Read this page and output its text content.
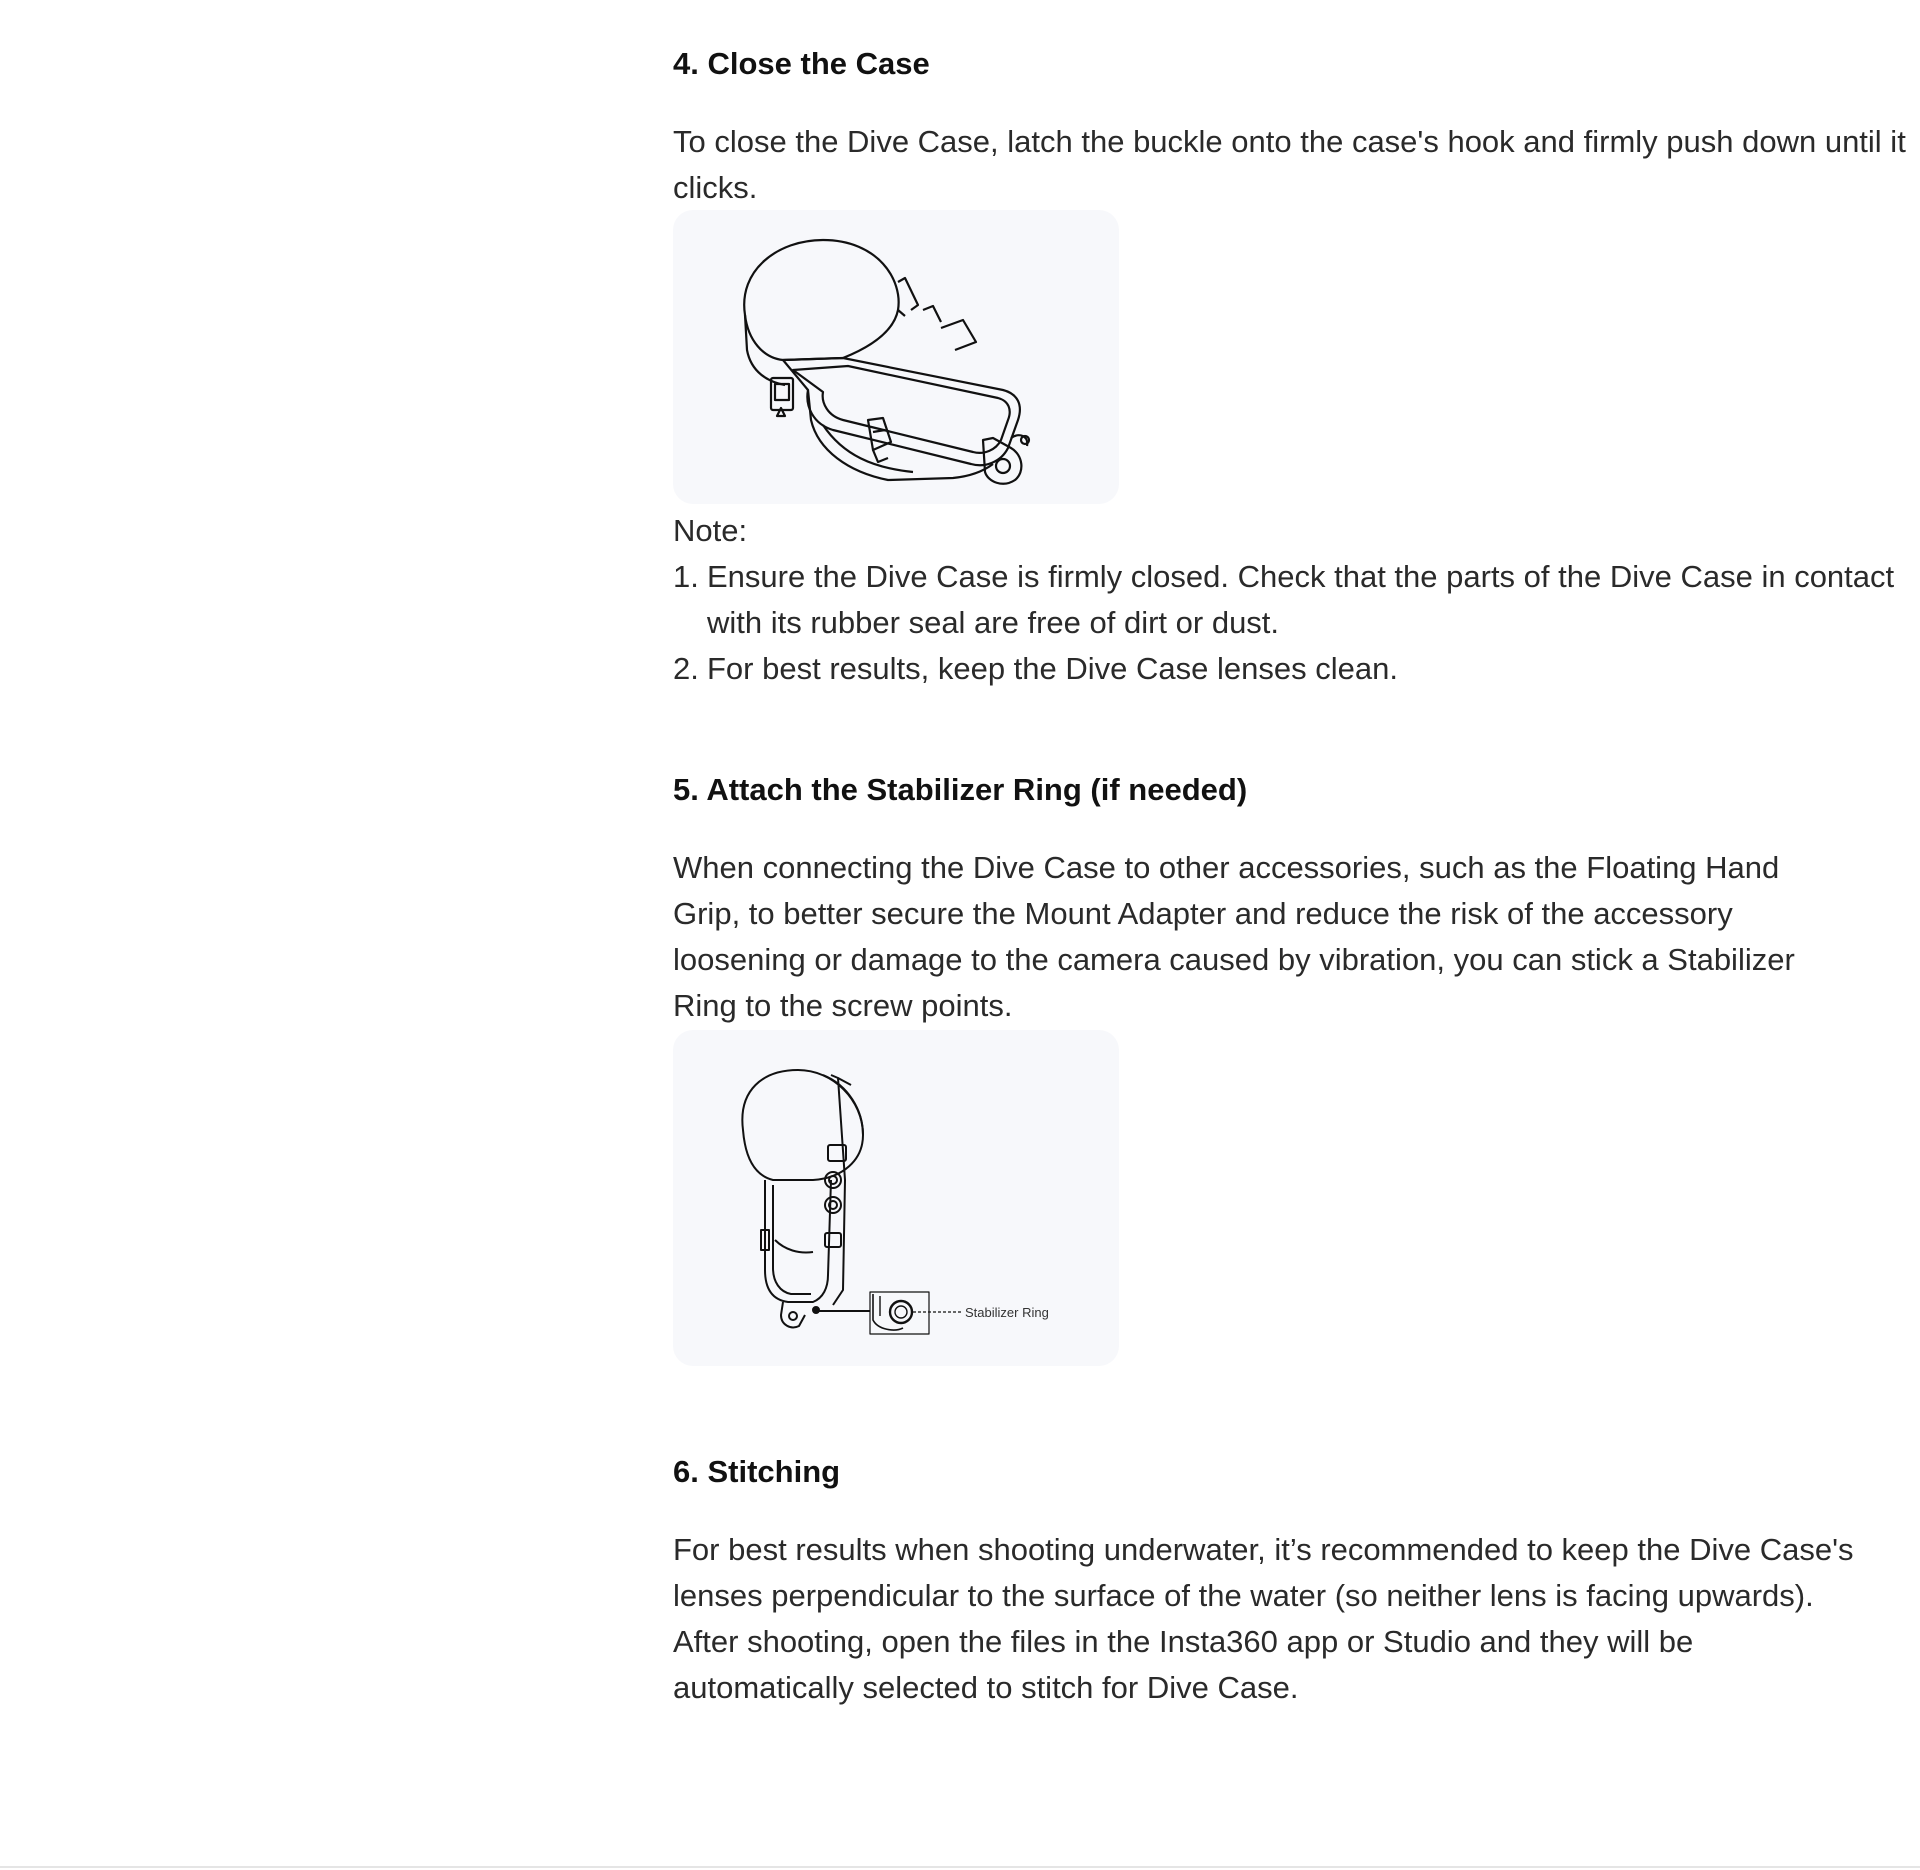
4. Close the Case

To close the Dive Case, latch the buckle onto the case's hook and firmly push down until it clicks.

Note:

1. Ensure the Dive Case is firmly closed. Check that the parts of the Dive Case in contact with its rubber seal are free of dirt or dust.
2. For best results, keep the Dive Case lenses clean.
5. Attach the Stabilizer Ring (if needed)

When connecting the Dive Case to other accessories, such as the Floating Hand Grip, to better secure the Mount Adapter and reduce the risk of the accessory loosening or damage to the camera caused by vibration, you can stick a Stabilizer Ring to the screw points.

Stabilizer Ring
6. Stitching

For best results when shooting underwater, it’s recommended to keep the Dive Case's lenses perpendicular to the surface of the water (so neither lens is facing upwards). After shooting, open the files in the Insta360 app or Studio and they will be automatically selected to stitch for Dive Case.
